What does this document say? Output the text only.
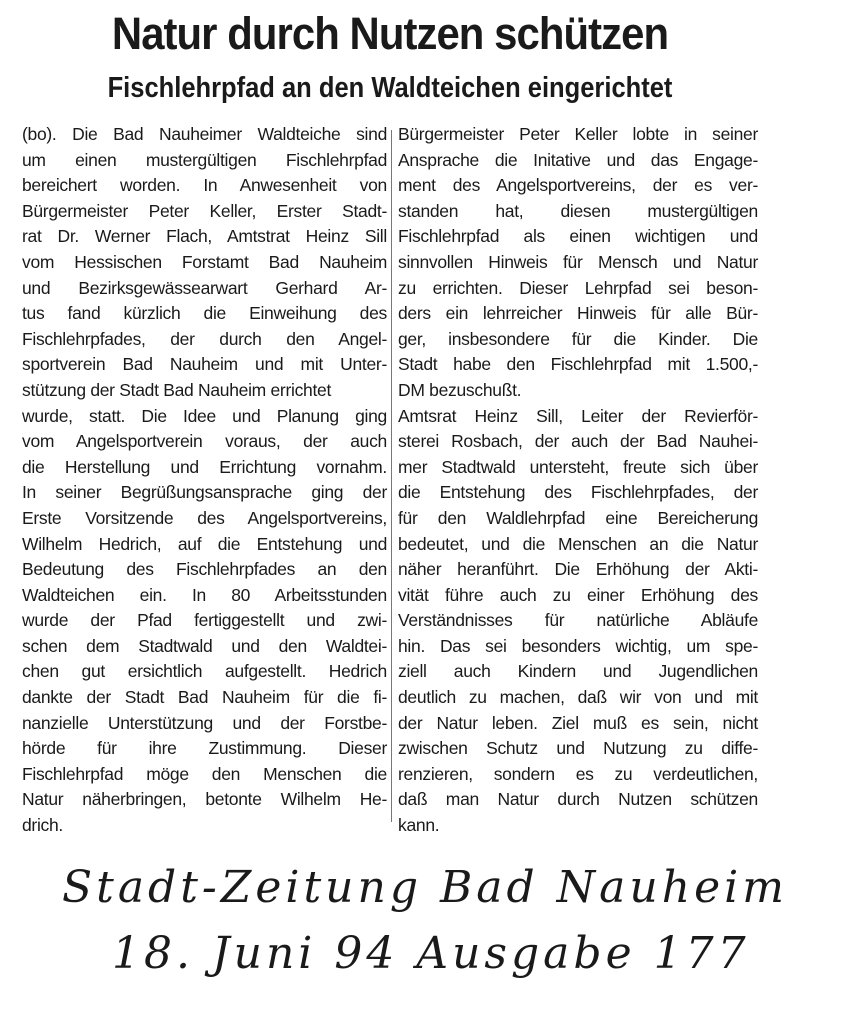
Natur durch Nutzen schützen
Fischlehrpfad an den Waldteichen eingerichtet
(bo). Die Bad Nauheimer Waldteiche sind
um einen mustergültigen Fischlehrpfad
bereichert worden. In Anwesenheit von
Bürgermeister Peter Keller, Erster Stadt-
rat Dr. Werner Flach, Amtstrat Heinz Sill
vom Hessischen Forstamt Bad Nauheim
und Bezirksgewässearwart Gerhard Ar-
tus fand kürzlich die Einweihung des
Fischlehrpfades, der durch den Angel-
sportverein Bad Nauheim und mit Unter-
stützung der Stadt Bad Nauheim errichtet
wurde, statt. Die Idee und Planung ging
vom Angelsportverein voraus, der auch
die Herstellung und Errichtung vornahm.
In seiner Begrüßungsansprache ging der
Erste Vorsitzende des Angelsportvereins,
Wilhelm Hedrich, auf die Entstehung und
Bedeutung des Fischlehrpfades an den
Waldteichen ein. In 80 Arbeitsstunden
wurde der Pfad fertiggestellt und zwi-
schen dem Stadtwald und den Waldtei-
chen gut ersichtlich aufgestellt. Hedrich
dankte der Stadt Bad Nauheim für die fi-
nanzielle Unterstützung und der Forstbe-
hörde für ihre Zustimmung. Dieser
Fischlehrpfad möge den Menschen die
Natur näherbringen, betonte Wilhelm He-
drich.
Bürgermeister Peter Keller lobte in seiner
Ansprache die Initative und das Engage-
ment des Angelsportvereins, der es ver-
standen hat, diesen mustergültigen
Fischlehrpfad als einen wichtigen und
sinnvollen Hinweis für Mensch und Natur
zu errichten. Dieser Lehrpfad sei beson-
ders ein lehrreicher Hinweis für alle Bür-
ger, insbesondere für die Kinder. Die
Stadt habe den Fischlehrpfad mit 1.500,-
DM bezuschußt.
Amtsrat Heinz Sill, Leiter der Revierför-
sterei Rosbach, der auch der Bad Nauhei-
mer Stadtwald untersteht, freute sich über
die Entstehung des Fischlehrpfades, der
für den Waldlehrpfad eine Bereicherung
bedeutet, und die Menschen an die Natur
näher heranführt. Die Erhöhung der Akti-
vität führe auch zu einer Erhöhung des
Verständnisses für natürliche Abläufe
hin. Das sei besonders wichtig, um spe-
ziell auch Kindern und Jugendlichen
deutlich zu machen, daß wir von und mit
der Natur leben. Ziel muß es sein, nicht
zwischen Schutz und Nutzung zu diffe-
renzieren, sondern es zu verdeutlichen,
daß man Natur durch Nutzen schützen
kann.
Stadt-Zeitung Bad Nauheim
18. Juni 94 Ausgabe 177
